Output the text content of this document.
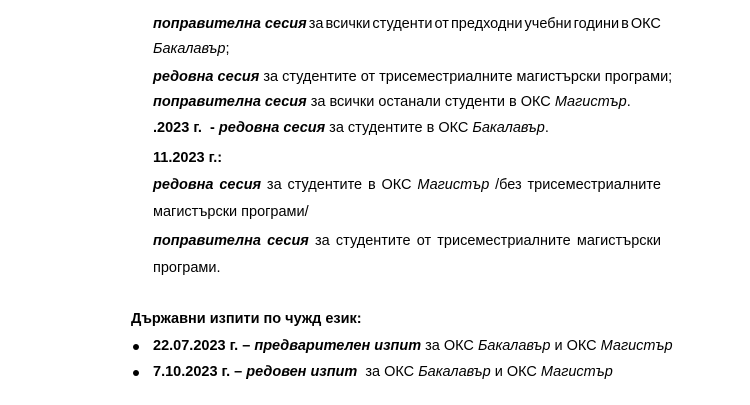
поправителна сесия за всички студенти от предходни учебни години в ОКС
Бакалавър;
редовна сесия за студентите от трисеместриалните магистърски програми;
поправителна сесия за всички останали студенти в ОКС Магистър.
.2023 г.  - редовна сесия за студентите в ОКС Бакалавър.
11.2023 г.:
редовна сесия за студентите в ОКС Магистър /без трисеместриалните
магистърски програми/
поправителна сесия за студентите от трисеместриалните магистърски
програми.
Държавни изпити по чужд език:
22.07.2023 г. – предварителен изпит за ОКС Бакалавър и ОКС Магистър
7.10.2023 г. – редовен изпит  за ОКС Бакалавър и ОКС Магистър
